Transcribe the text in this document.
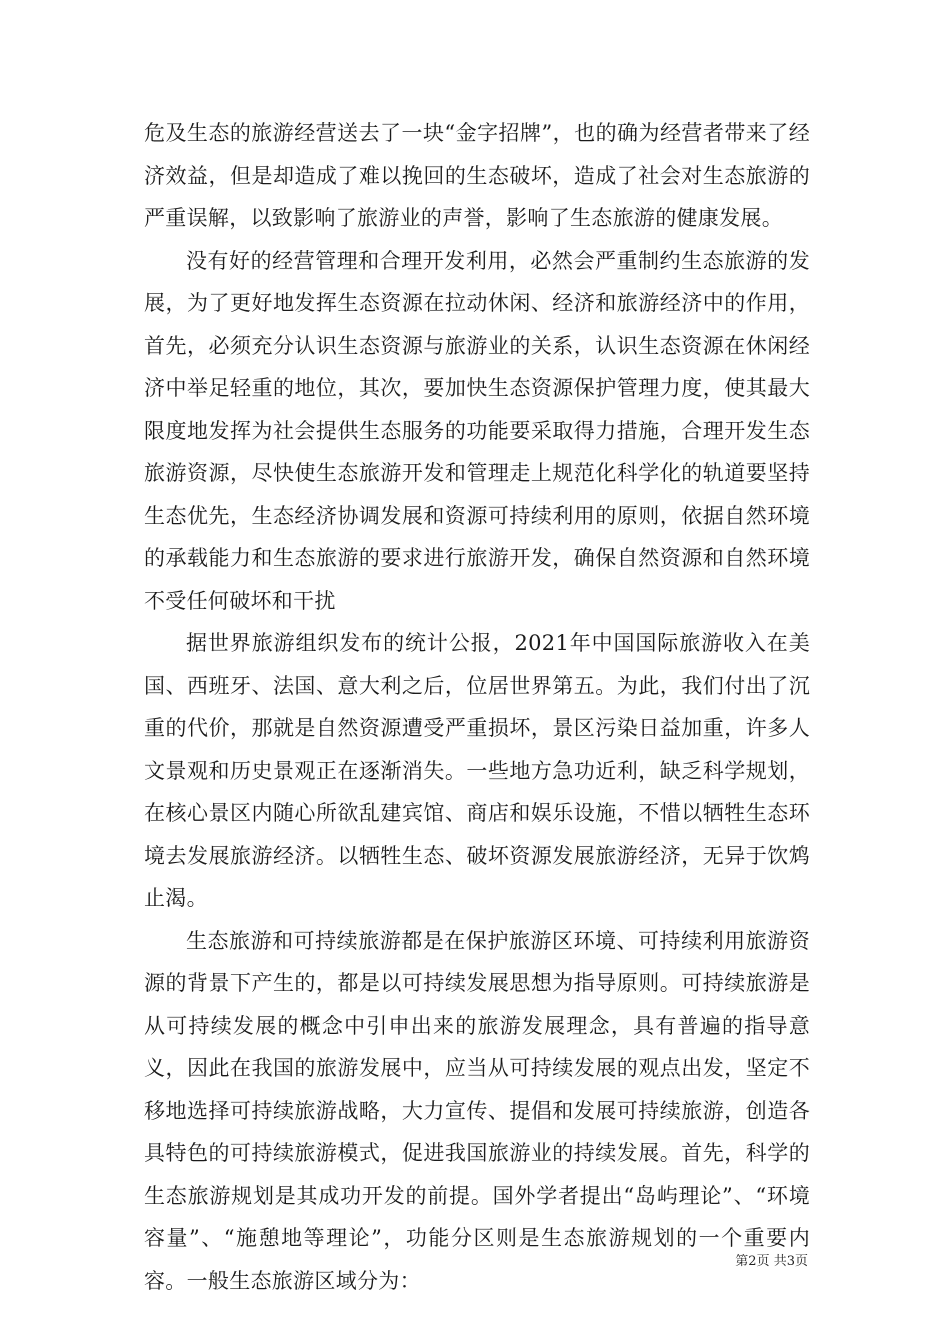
危及生态的旅游经营送去了一块“金字招牌”，也的确为经营者带来了经济效益，但是却造成了难以挽回的生态破坏，造成了社会对生态旅游的严重误解，以致影响了旅游业的声誉，影响了生态旅游的健康发展。

没有好的经营管理和合理开发利用，必然会严重制约生态旅游的发展，为了更好地发挥生态资源在拉动休闲、经济和旅游经济中的作用，首先，必须充分认识生态资源与旅游业的关系，认识生态资源在休闲经济中举足轻重的地位，其次，要加快生态资源保护管理力度，使其最大限度地发挥为社会提供生态服务的功能要采取得力措施，合理开发生态旅游资源，尽快使生态旅游开发和管理走上规范化科学化的轨道要坚持生态优先，生态经济协调发展和资源可持续利用的原则，依据自然环境的承载能力和生态旅游的要求进行旅游开发，确保自然资源和自然环境不受任何破坏和干扰

据世界旅游组织发布的统计公报，2021年中国国际旅游收入在美国、西班牙、法国、意大利之后，位居世界第五。为此，我们付出了沉重的代价，那就是自然资源遭受严重损坏，景区污染日益加重，许多人文景观和历史景观正在逐渐消失。一些地方急功近利，缺乏科学规划，在核心景区内随心所欲乱建宾馆、商店和娱乐设施，不惜以牺牲生态环境去发展旅游经济。以牺牲生态、破坏资源发展旅游经济，无异于饮鸩止渴。

生态旅游和可持续旅游都是在保护旅游区环境、可持续利用旅游资源的背景下产生的，都是以可持续发展思想为指导原则。可持续旅游是从可持续发展的概念中引申出来的旅游发展理念，具有普遍的指导意义，因此在我国的旅游发展中，应当从可持续发展的观点出发，坚定不移地选择可持续旅游战略，大力宣传、提倡和发展可持续旅游，创造各具特色的可持续旅游模式，促进我国旅游业的持续发展。首先，科学的生态旅游规划是其成功开发的前提。国外学者提出“岛屿理论”、“环境容量”、“施憩地等理论”，功能分区则是生态旅游规划的一个重要内容。一般生态旅游区域分为：

第2页 共3页
